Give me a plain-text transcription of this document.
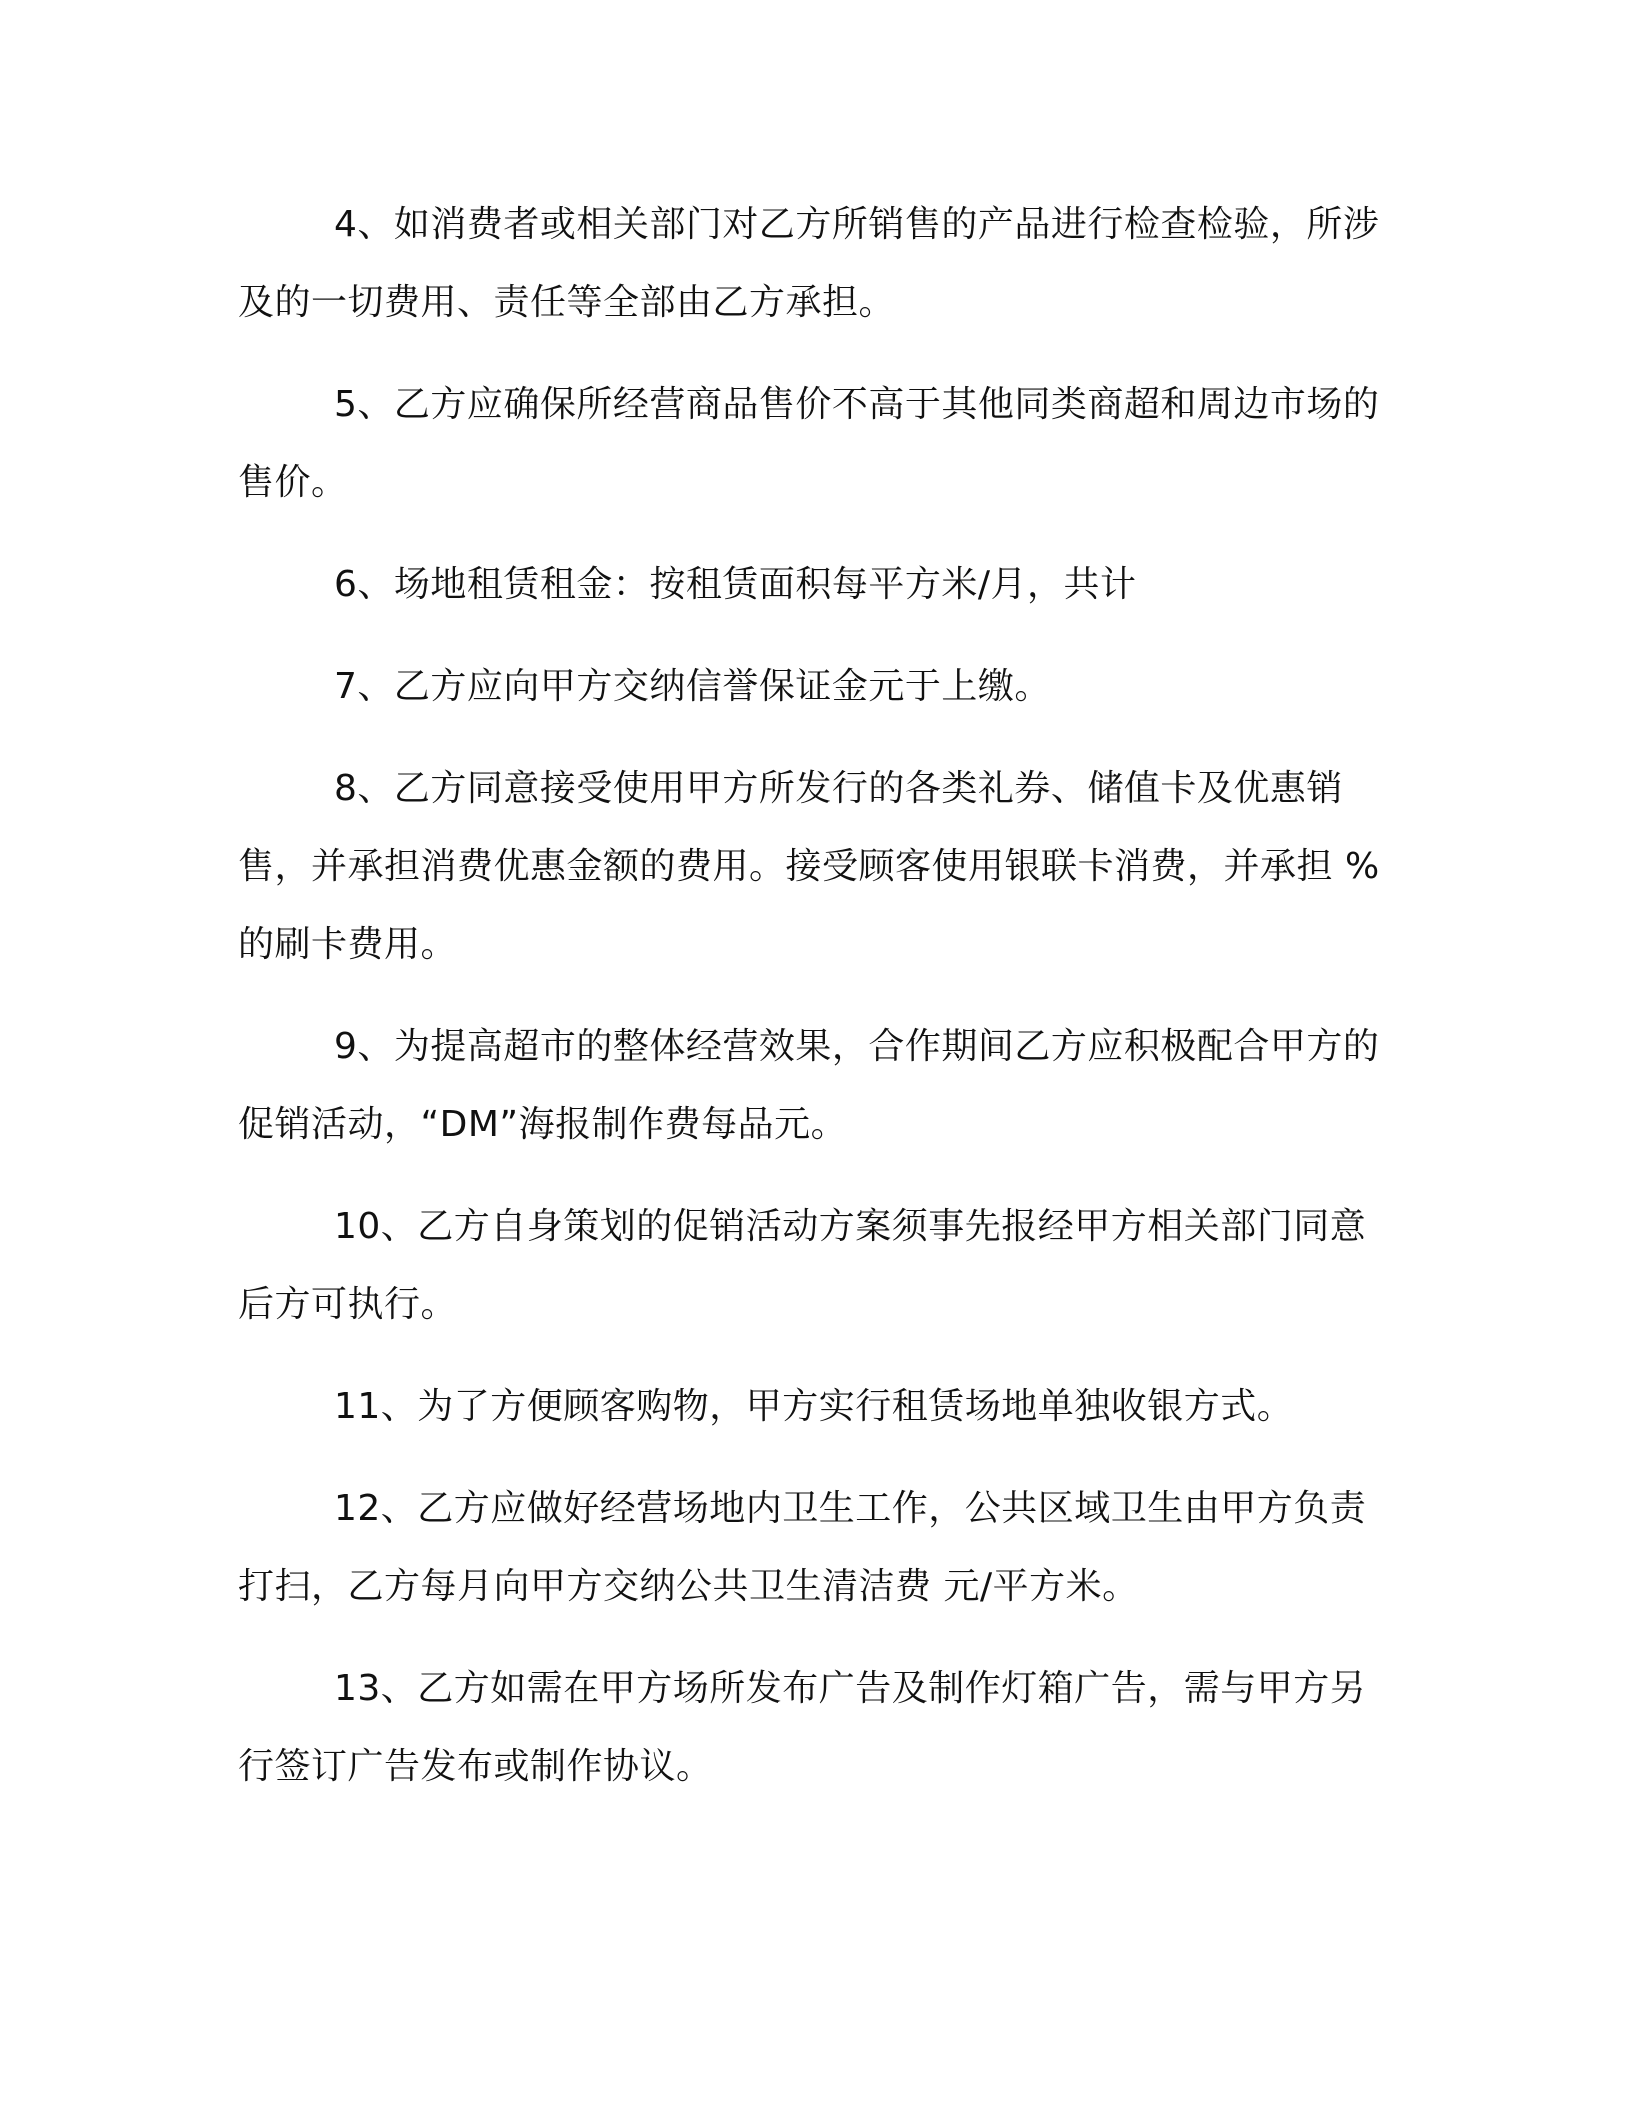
4、如消费者或相关部门对乙方所销售的产品进行检查检验，所涉及的一切费用、责任等全部由乙方承担。

5、乙方应确保所经营商品售价不高于其他同类商超和周边市场的售价。

6、场地租赁租金：按租赁面积每平方米/月，共计

7、乙方应向甲方交纳信誉保证金元于上缴。

8、乙方同意接受使用甲方所发行的各类礼券、储值卡及优惠销售，并承担消费优惠金额的费用。接受顾客使用银联卡消费，并承担 %的刷卡费用。

9、为提高超市的整体经营效果，合作期间乙方应积极配合甲方的促销活动，“DM”海报制作费每品元。

10、乙方自身策划的促销活动方案须事先报经甲方相关部门同意后方可执行。

11、为了方便顾客购物，甲方实行租赁场地单独收银方式。

12、乙方应做好经营场地内卫生工作，公共区域卫生由甲方负责打扫，乙方每月向甲方交纳公共卫生清洁费 元/平方米。

13、乙方如需在甲方场所发布广告及制作灯箱广告，需与甲方另行签订广告发布或制作协议。
